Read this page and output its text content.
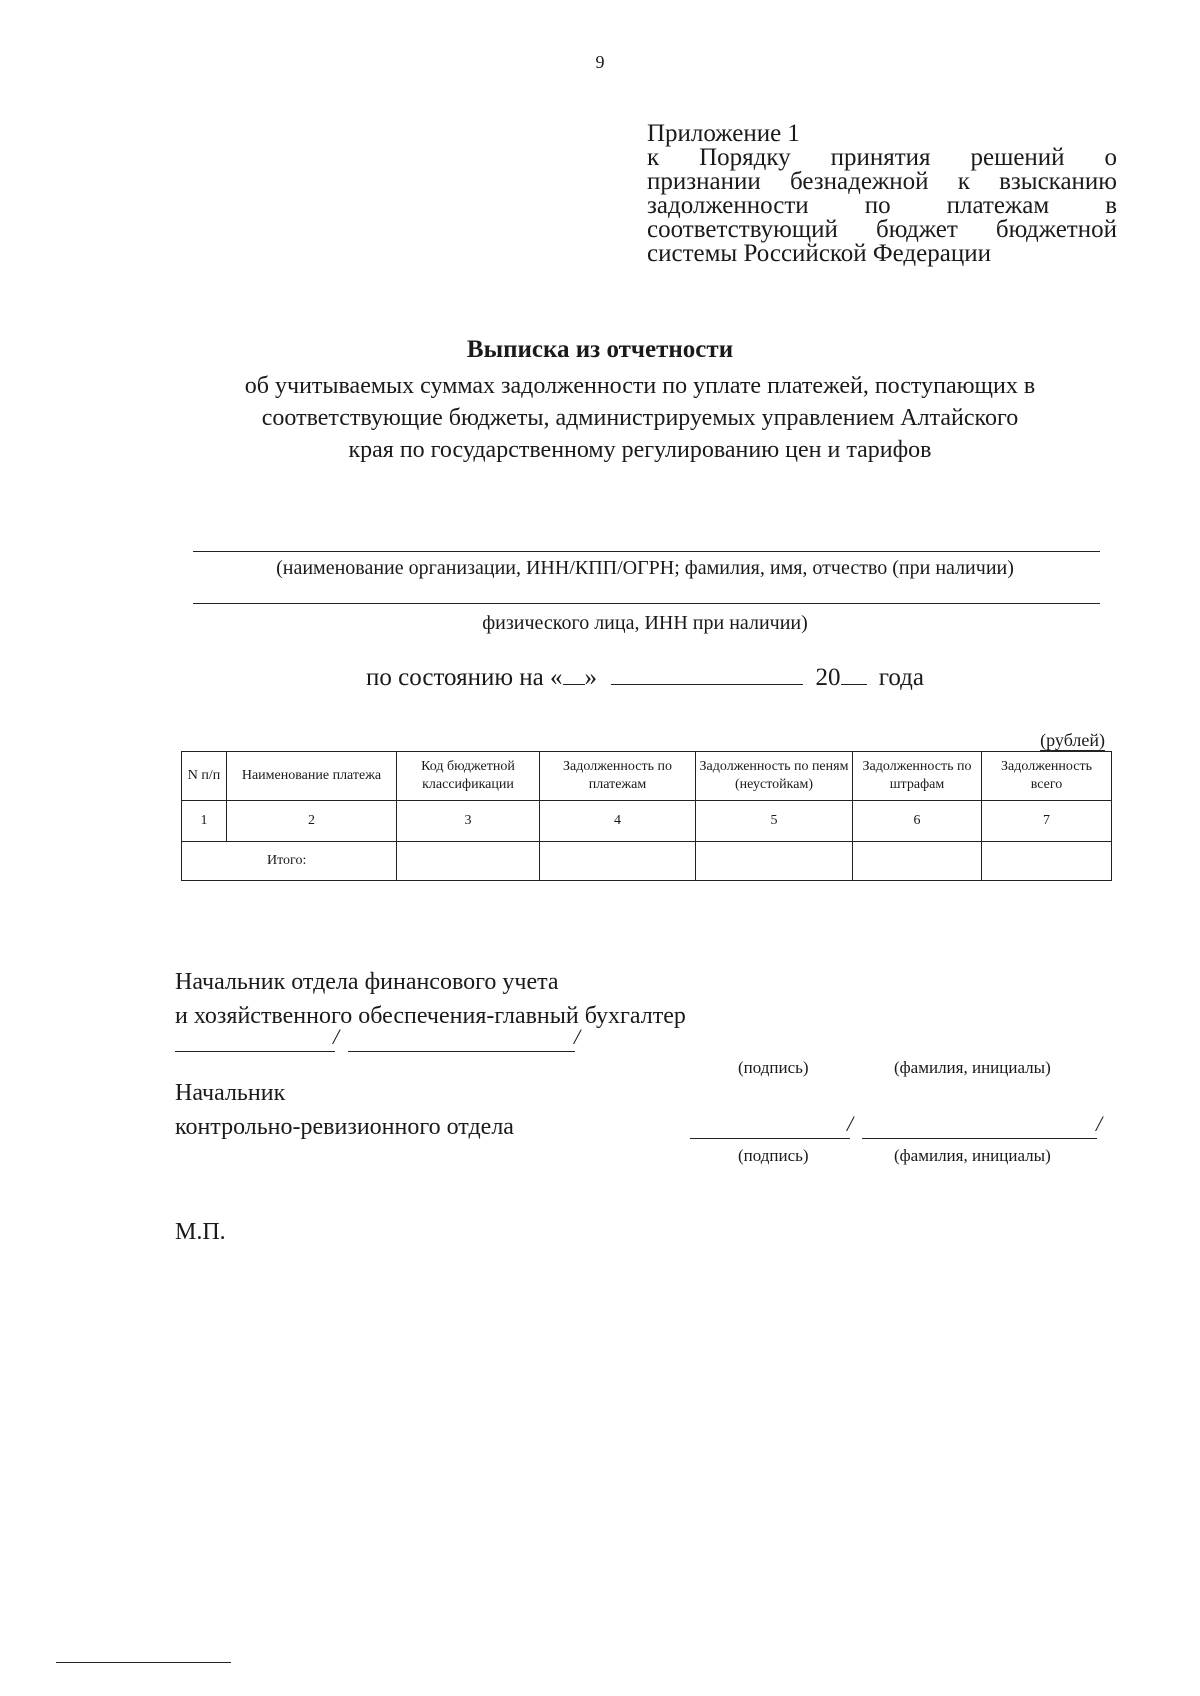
9
Приложение 1
к Порядку принятия решений о
признании безнадежной к взысканию
задолженности по платежам в
соответствующий бюджет бюджетной
системы Российской Федерации
Выписка из отчетности
об учитываемых суммах задолженности по уплате платежей, поступающих в
соответствующие бюджеты, администрируемых управлением Алтайского
края по государственному регулированию цен и тарифов
(наименование организации, ИНН/КПП/ОГРН; фамилия, имя, отчество (при наличии)
физического лица, ИНН при наличии)
по состоянию на « »	20 года
(рублей)
N п/п	Наименование платежа	Код бюджетной классификации	Задолженность по платежам	Задолженность по пеням (неустойкам)	Задолженность по штрафам	Задолженность всего
1	2	3	4	5	6	7
Итого:						
Начальник отдела финансового учета
и хозяйственного обеспечения-главный бухгалтер
/	/
(подпись)	(фамилия, инициалы)
Начальник
контрольно-ревизионного отдела	/	/
(подпись)	(фамилия, инициалы)
М.П.
